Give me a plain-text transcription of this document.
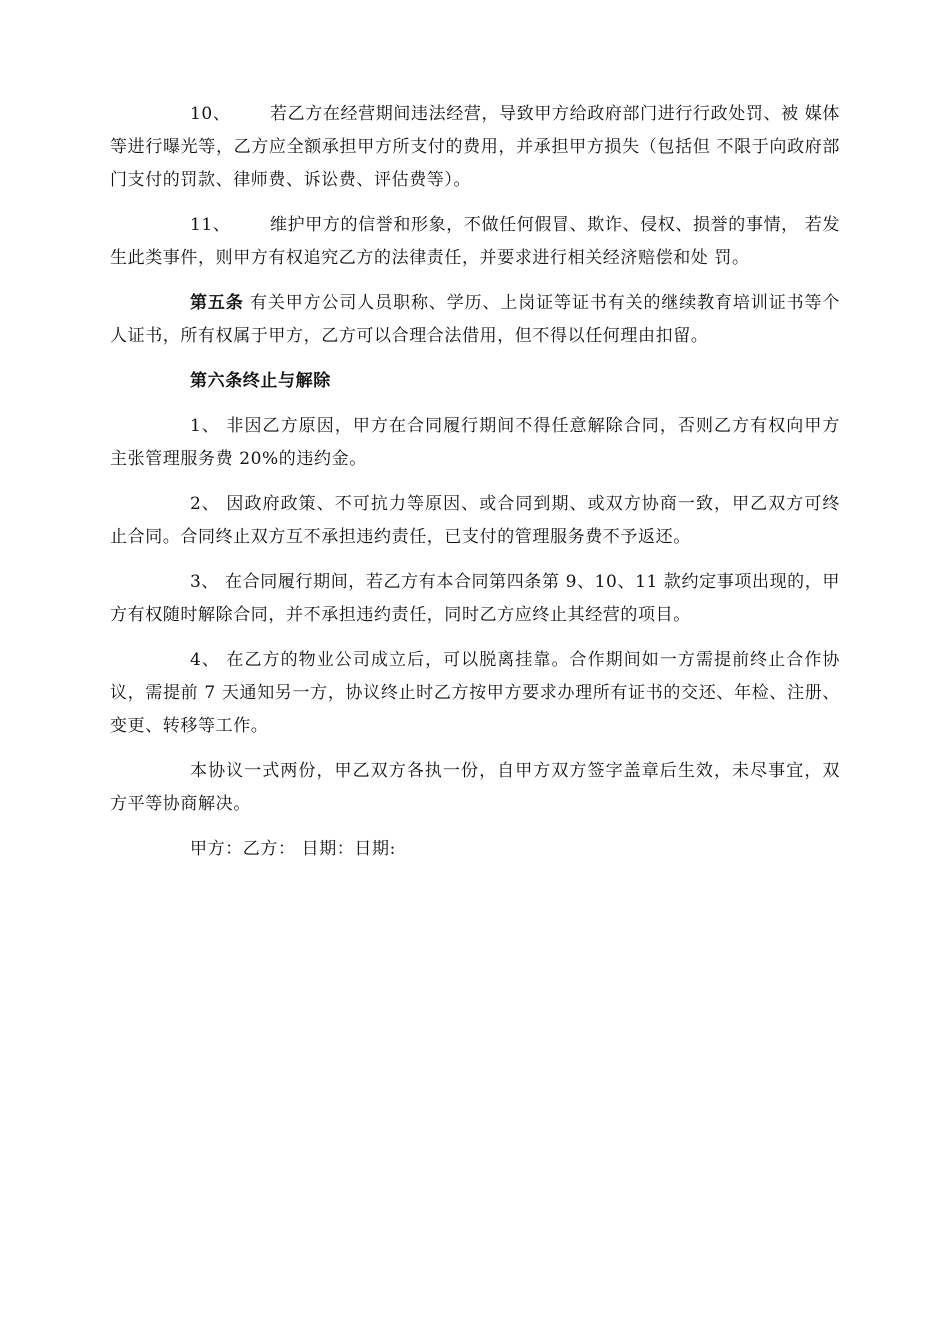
10、 若乙方在经营期间违法经营，导致甲方给政府部门进行行政处罚、被 媒体等进行曝光等，乙方应全额承担甲方所支付的费用，并承担甲方损失（包括但 不限于向政府部门支付的罚款、律师费、诉讼费、评估费等）。

11、 维护甲方的信誉和形象，不做任何假冒、欺诈、侵权、损誉的事情， 若发生此类事件，则甲方有权追究乙方的法律责任，并要求进行相关经济赔偿和处 罚。

第五条 有关甲方公司人员职称、学历、上岗证等证书有关的继续教育培训证书等个人证书，所有权属于甲方，乙方可以合理合法借用，但不得以任何理由扣留。

第六条终止与解除

1、 非因乙方原因，甲方在合同履行期间不得任意解除合同，否则乙方有权向甲方主张管理服务费 20%的违约金。

2、 因政府政策、不可抗力等原因、或合同到期、或双方协商一致，甲乙双方可终止合同。合同终止双方互不承担违约责任，已支付的管理服务费不予返还。

3、 在合同履行期间，若乙方有本合同第四条第 9、10、11 款约定事项出现的，甲方有权随时解除合同，并不承担违约责任，同时乙方应终止其经营的项目。

4、 在乙方的物业公司成立后，可以脱离挂靠。合作期间如一方需提前终止合作协议，需提前 7 天通知另一方，协议终止时乙方按甲方要求办理所有证书的交还、年检、注册、变更、转移等工作。

本协议一式两份，甲乙双方各执一份，自甲方双方签字盖章后生效，未尽事宜，双方平等协商解决。

甲方：乙方： 日期：日期:
